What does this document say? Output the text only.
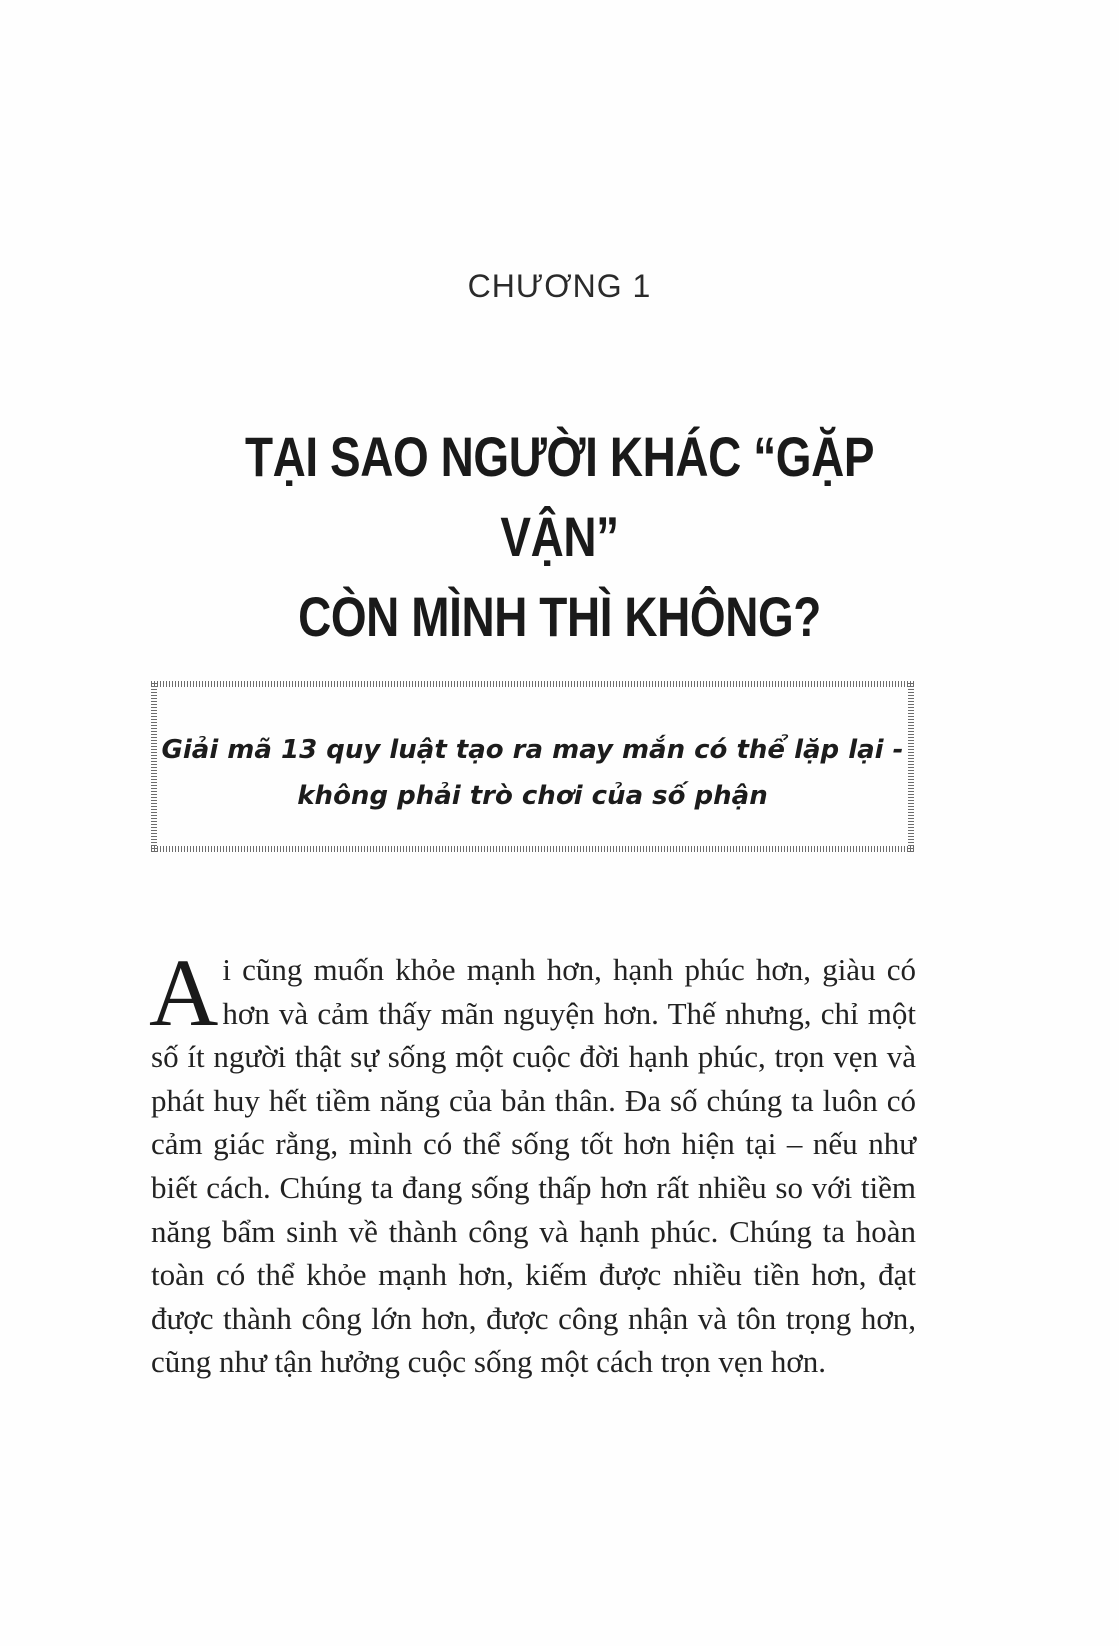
CHƯƠNG 1
TẠI SAO NGƯỜI KHÁC “GẶP VẬN”
CÒN MÌNH THÌ KHÔNG?
Giải mã 13 quy luật tạo ra may mắn có thể lặp lại -
không phải trò chơi của số phận
Ai cũng muốn khỏe mạnh hơn, hạnh phúc hơn, giàu có hơn và cảm thấy mãn nguyện hơn. Thế nhưng, chỉ một số ít người thật sự sống một cuộc đời hạnh phúc, trọn vẹn và phát huy hết tiềm năng của bản thân. Đa số chúng ta luôn có cảm giác rằng, mình có thể sống tốt hơn hiện tại – nếu như biết cách. Chúng ta đang sống thấp hơn rất nhiều so với tiềm năng bẩm sinh về thành công và hạnh phúc. Chúng ta hoàn toàn có thể khỏe mạnh hơn, kiếm được nhiều tiền hơn, đạt được thành công lớn hơn, được công nhận và tôn trọng hơn, cũng như tận hưởng cuộc sống một cách trọn vẹn hơn.
